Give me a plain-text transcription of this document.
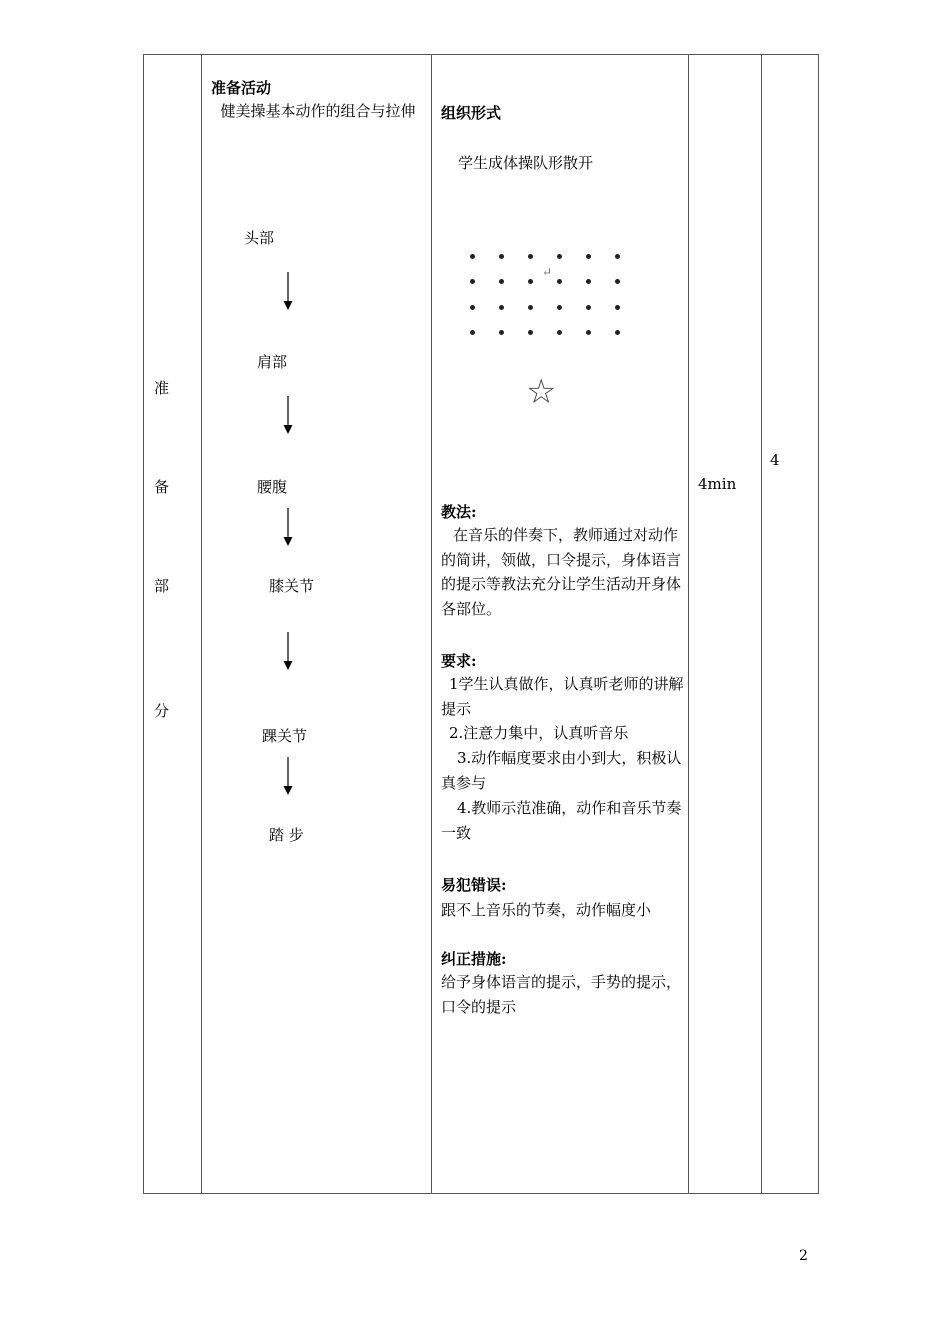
准
备
部
分
准备活动
健美操基本动作的组合与拉伸
头部
肩部
腰腹
膝关节
踝关节
踏 步
组织形式
学生成体操队形散开
↵
☆
教法:
在音乐的伴奏下，教师通过对动作的简讲，领做，口令提示，身体语言的提示等教法充分让学生活动开身体各部位。
要求:
1学生认真做作，认真听老师的讲解提示
2.注意力集中，认真听音乐
3.动作幅度要求由小到大，积极认真参与
4.教师示范准确，动作和音乐节奏一致
易犯错误:
跟不上音乐的节奏，动作幅度小
纠正措施:
给予身体语言的提示，手势的提示，口令的提示
4min
4
2
